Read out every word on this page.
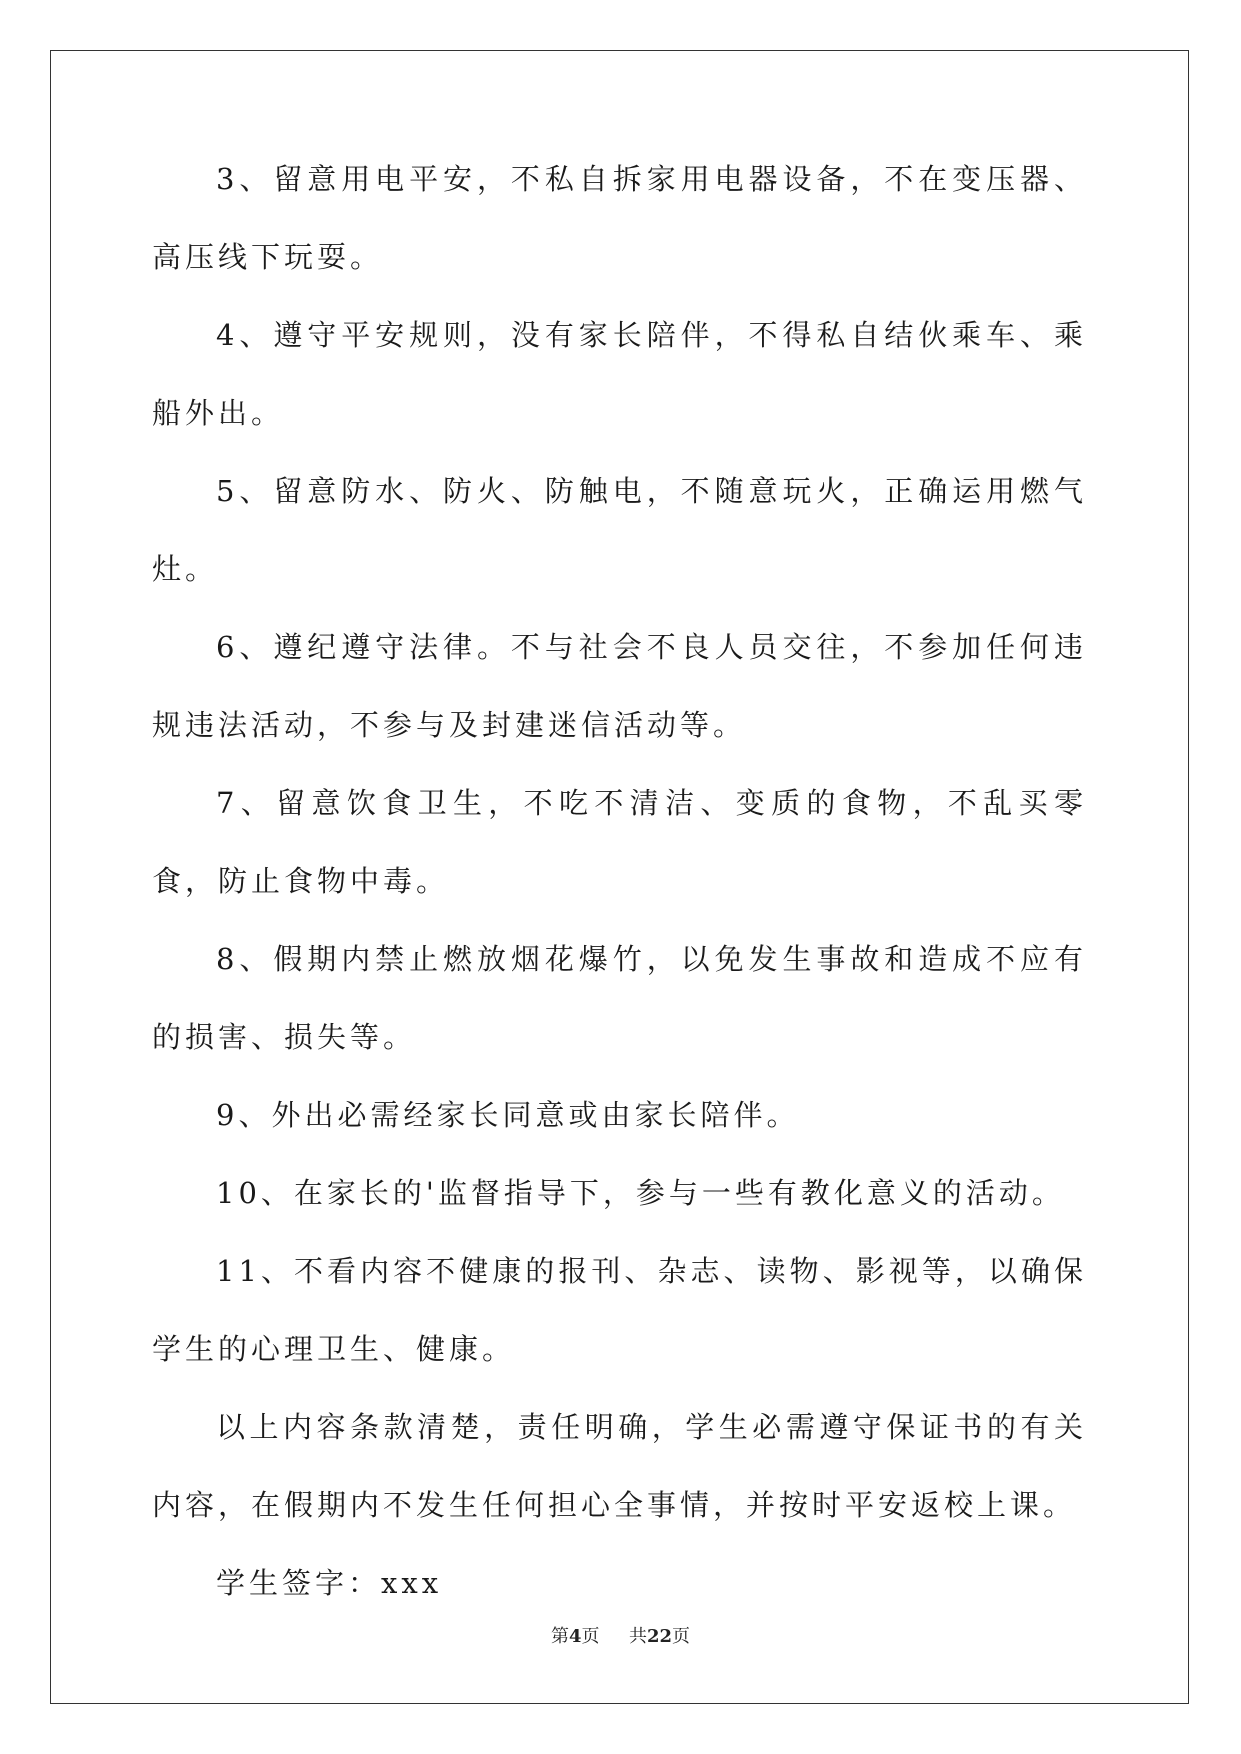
3、留意用电平安，不私自拆家用电器设备，不在变压器、高压线下玩耍。

4、遵守平安规则，没有家长陪伴，不得私自结伙乘车、乘船外出。

5、留意防水、防火、防触电，不随意玩火，正确运用燃气灶。

6、遵纪遵守法律。不与社会不良人员交往，不参加任何违规违法活动，不参与及封建迷信活动等。

7、留意饮食卫生，不吃不清洁、变质的食物，不乱买零食，防止食物中毒。

8、假期内禁止燃放烟花爆竹，以免发生事故和造成不应有的损害、损失等。

9、外出必需经家长同意或由家长陪伴。

10、在家长的'监督指导下，参与一些有教化意义的活动。

11、不看内容不健康的报刊、杂志、读物、影视等，以确保学生的心理卫生、健康。

以上内容条款清楚，责任明确，学生必需遵守保证书的有关内容，在假期内不发生任何担心全事情，并按时平安返校上课。

学生签字：xxx

第4页 共22页
